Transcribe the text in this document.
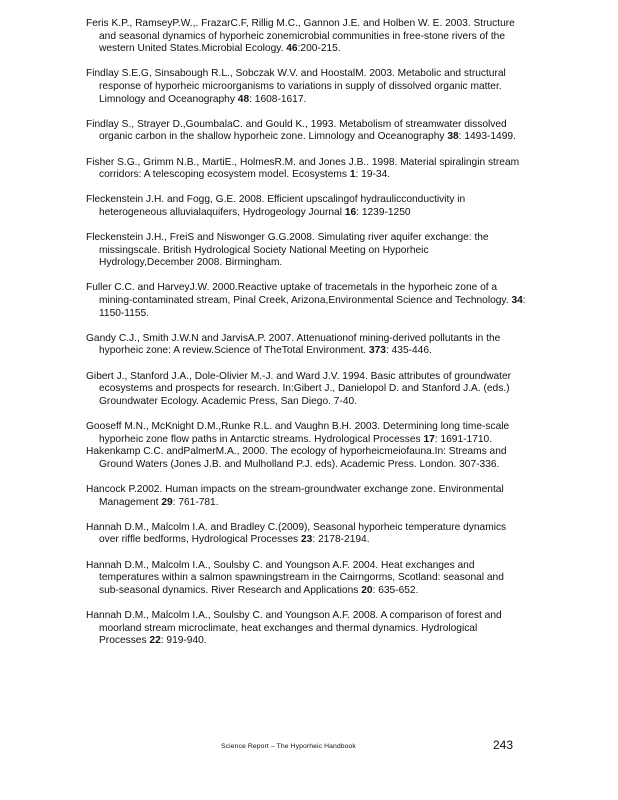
Feris K.P., RamseyP.W.,. FrazarC.F, Rillig M.C., Gannon J.E. and Holben W. E. 2003. Structure and seasonal dynamics of hyporheic zonemicrobial communities in free-stone rivers of the western United States.Microbial Ecology. 46:200-215.

Findlay S.E.G, Sinsabough R.L., Sobczak W.V. and HoostalM. 2003. Metabolic and structural response of hyporheic microorganisms to variations in supply of dissolved organic matter. Limnology and Oceanography 48: 1608-1617.

Findlay S., Strayer D.,GoumbalaC. and Gould K., 1993. Metabolism of streamwater dissolved organic carbon in the shallow hyporheic zone. Limnology and Oceanography 38: 1493-1499.

Fisher S.G., Grimm N.B., MartiE., HolmesR.M. and Jones J.B.. 1998. Material spiralingin stream corridors: A telescoping ecosystem model. Ecosystems 1: 19-34.

Fleckenstein J.H. and Fogg, G.E. 2008. Efficient upscalingof hydraulicconductivity in heterogeneous alluvialaquifers, Hydrogeology Journal 16: 1239-1250

Fleckenstein J.H., FreiS and Niswonger G.G.2008. Simulating river aquifer exchange: the missingscale. British Hydrological Society National Meeting on Hyporheic Hydrology,December 2008. Birmingham.

Fuller C.C. and HarveyJ.W. 2000.Reactive uptake of tracemetals in the hyporheic zone of a mining-contaminated stream, Pinal Creek, Arizona,Environmental Science and Technology. 34: 1150-1155.

Gandy C.J., Smith J.W.N and JarvisA.P. 2007. Attenuationof mining-derived pollutants in the hyporheic zone: A review.Science of TheTotal Environment. 373: 435-446.

Gibert J., Stanford J.A., Dole-Olivier M.-J. and Ward J.V. 1994. Basic attributes of groundwater ecosystems and prospects for research. In:Gibert J., Danielopol D. and Stanford J.A. (eds.) Groundwater Ecology. Academic Press, San Diego. 7-40.

Gooseff M.N., McKnight D.M.,Runke R.L. and Vaughn B.H. 2003. Determining long time-scale hyporheic zone flow paths in Antarctic streams. Hydrological Processes 17: 1691-1710.

Hakenkamp C.C. andPalmerM.A., 2000. The ecology of hyporheicmeiofauna.In: Streams and Ground Waters (Jones J.B. and Mulholland P.J. eds). Academic Press. London. 307-336.

Hancock P.2002. Human impacts on the stream-groundwater exchange zone. Environmental Management 29: 761-781.

Hannah D.M., Malcolm I.A. and Bradley C.(2009), Seasonal hyporheic temperature dynamics over riffle bedforms, Hydrological Processes 23: 2178-2194.

Hannah D.M., Malcolm I.A., Soulsby C. and Youngson A.F. 2004. Heat exchanges and temperatures within a salmon spawningstream in the Cairngorms, Scotland: seasonal and sub-seasonal dynamics. River Research and Applications 20: 635-652.

Hannah D.M., Malcolm I.A., Soulsby C. and Youngson A.F. 2008. A comparison of forest and moorland stream microclimate, heat exchanges and thermal dynamics. Hydrological Processes 22: 919-940.

Science Report – The Hyporheic Handbook	243
